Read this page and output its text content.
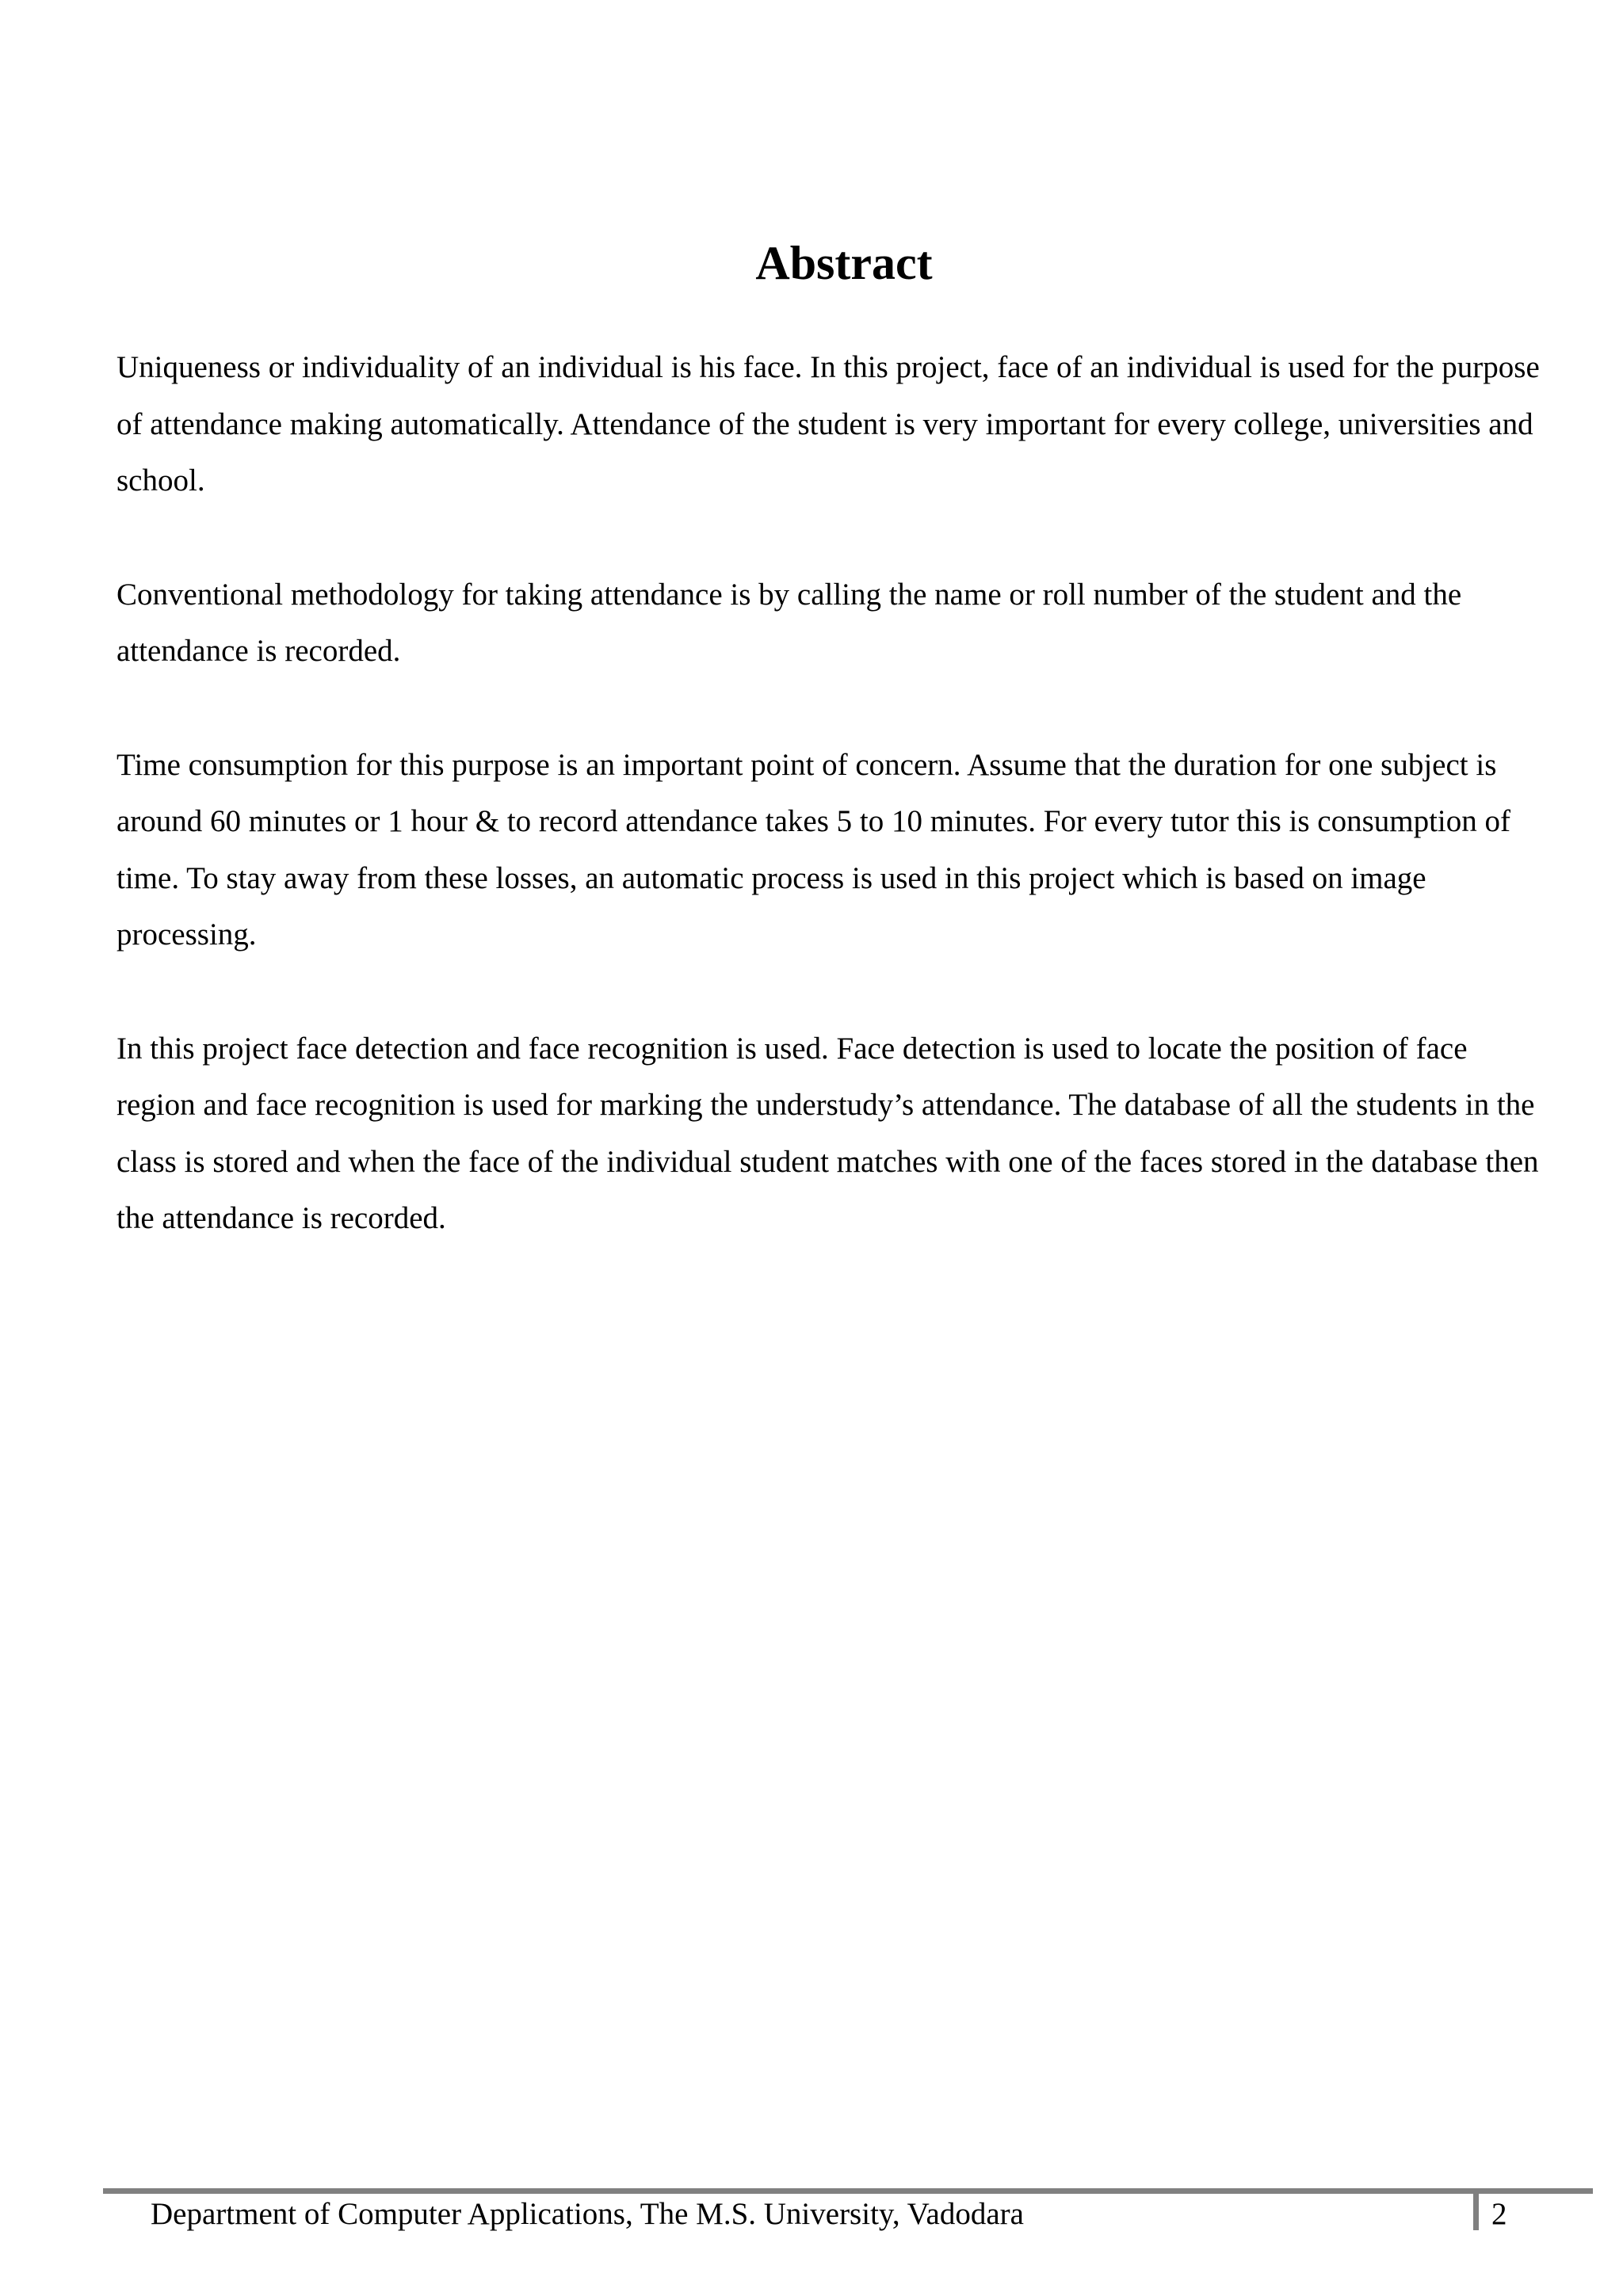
Abstract

Uniqueness or individuality of an individual is his face. In this project, face of an individual is used for the purpose of attendance making automatically. Attendance of the student is very important for every college, universities and school.

Conventional methodology for taking attendance is by calling the name or roll number of the student and the attendance is recorded.

Time consumption for this purpose is an important point of concern. Assume that the duration for one subject is around 60 minutes or 1 hour & to record attendance takes 5 to 10 minutes. For every tutor this is consumption of time. To stay away from these losses, an automatic process is used in this project which is based on image processing.

In this project face detection and face recognition is used. Face detection is used to locate the position of face region and face recognition is used for marking the understudy’s attendance. The database of all the students in the class is stored and when the face of the individual student matches with one of the faces stored in the database then the attendance is recorded.

Department of Computer Applications, The M.S. University, Vadodara	2
